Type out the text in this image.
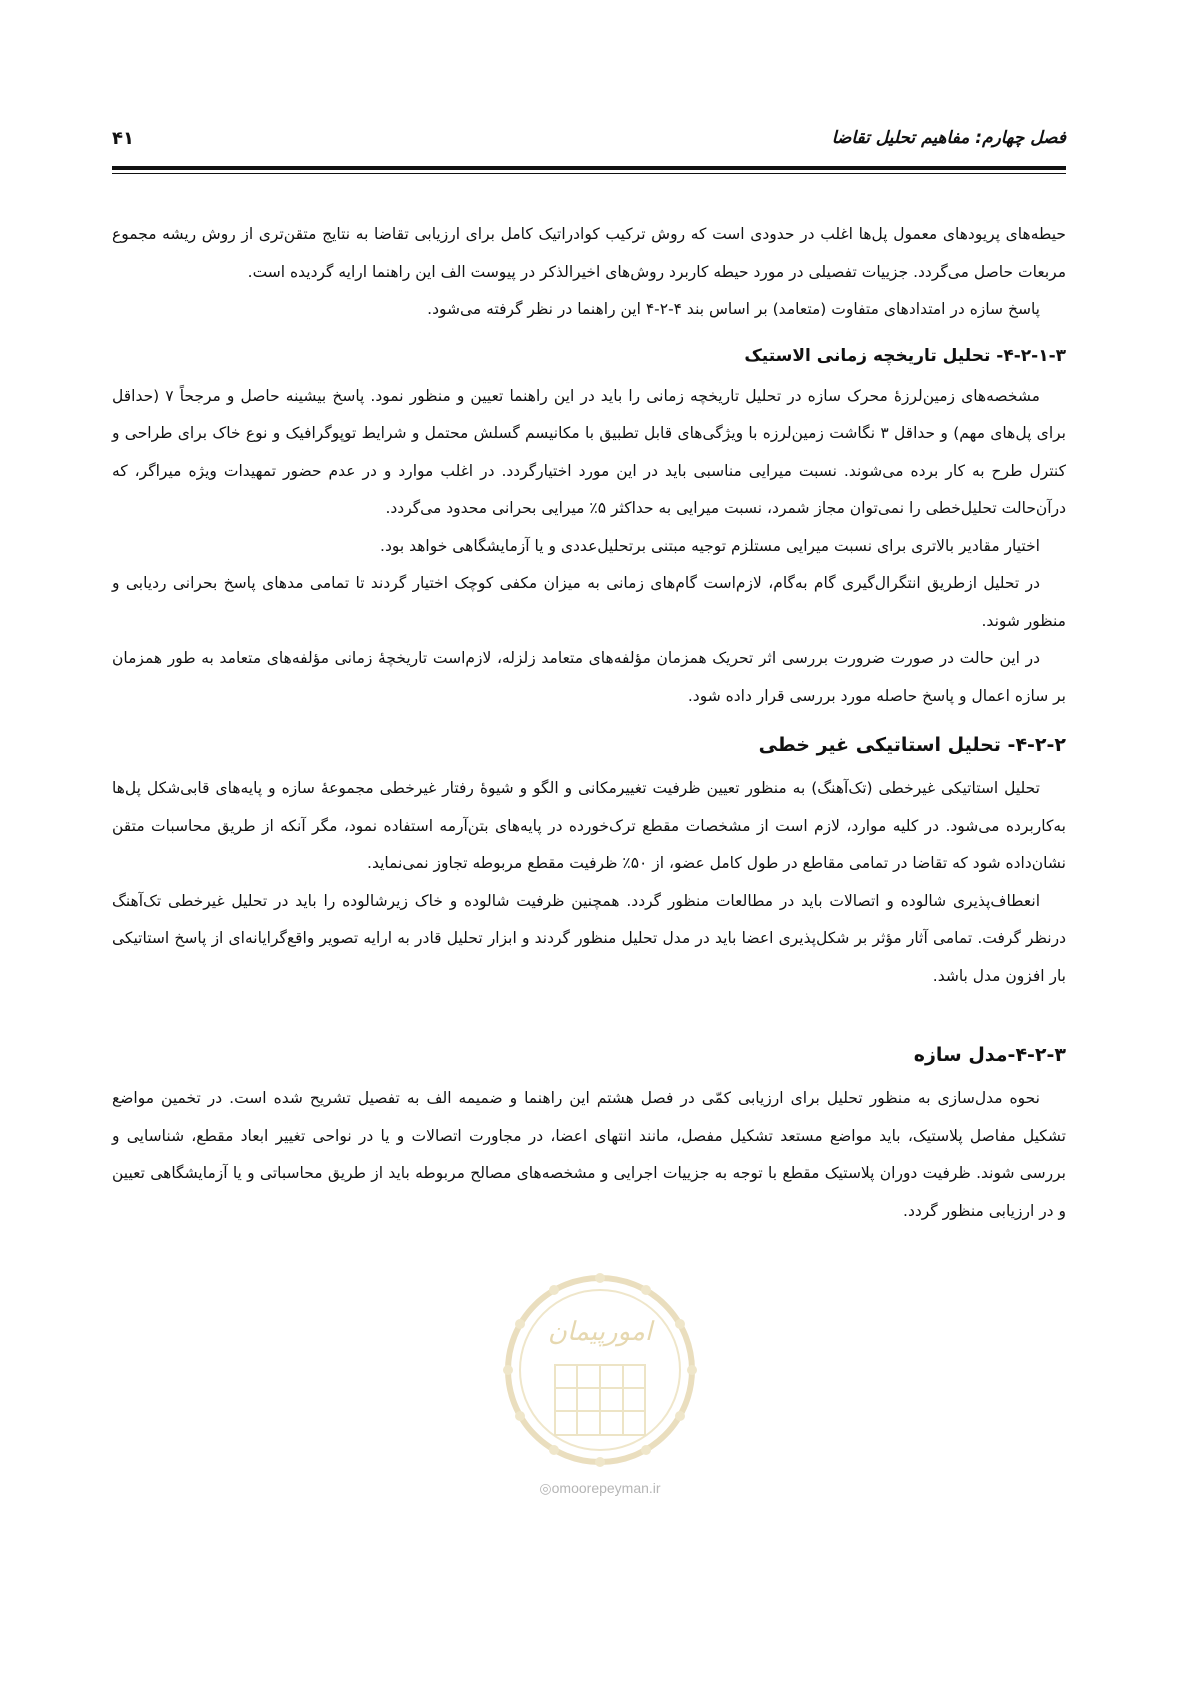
فصل چهارم: مفاهیم تحلیل تقاضا
۴۱

حیطه‌های پریودهای معمول پل‌ها اغلب در حدودی است که روش ترکیب کوادراتیک کامل برای ارزیابی تقاضا به نتایج متقن‌تری از روش ریشه مجموع مربعات حاصل می‌گردد. جزییات تفصیلی در مورد حیطه کاربرد روش‌های اخیرالذکر در پیوست الف این راهنما ارایه گردیده است.

پاسخ سازه در امتدادهای متفاوت (متعامد) بر اساس بند ۴-۲-۴ این راهنما در نظر گرفته می‌شود.

۴-۲-۱-۳- تحلیل تاریخچه زمانی الاستیک

مشخصه‌های زمین‌لرزهٔ محرک سازه در تحلیل تاریخچه زمانی را باید در این راهنما تعیین و منظور نمود. پاسخ بیشینه حاصل و مرجحاً ۷ (حداقل برای پل‌های مهم) و حداقل ۳ نگاشت زمین‌لرزه با ویژگی‌های قابل تطبیق با مکانیسم گسلش محتمل و شرایط توپوگرافیک و نوع خاک برای طراحی و کنترل طرح به کار برده می‌شوند. نسبت میرایی مناسبی باید در این مورد اختیارگردد. در اغلب موارد و در عدم حضور تمهیدات ویژه میراگر، که درآن‌حالت تحلیل‌خطی را نمی‌توان مجاز شمرد، نسبت میرایی به حداکثر ۵٪ میرایی بحرانی محدود می‌گردد.

اختیار مقادیر بالاتری برای نسبت میرایی مستلزم توجیه مبتنی برتحلیل‌عددی و یا آزمایشگاهی خواهد بود.

در تحلیل ازطریق انتگرال‌گیری گام به‌گام، لازم‌است گام‌های زمانی به میزان مکفی کوچک اختیار گردند تا تمامی مدهای پاسخ بحرانی ردیابی و منظور شوند.

در این حالت در صورت ضرورت بررسی اثر تحریک همزمان مؤلفه‌های متعامد زلزله، لازم‌است تاریخچهٔ زمانی مؤلفه‌های متعامد به طور همزمان بر سازه اعمال و پاسخ حاصله مورد بررسی قرار داده شود.

۴-۲-۲- تحلیل استاتیکی غیر خطی

تحلیل استاتیکی غیرخطی (تک‌آهنگ) به منظور تعیین ظرفیت تغییرمکانی و الگو و شیوهٔ رفتار غیرخطی مجموعهٔ سازه و پایه‌های قابی‌شکل پل‌ها به‌کاربرده می‌شود. در کلیه موارد، لازم است از مشخصات مقطع ترک‌خورده در پایه‌های بتن‌آرمه استفاده نمود، مگر آنکه از طریق محاسبات متقن نشان‌داده شود که تقاضا در تمامی مقاطع در طول کامل عضو، از ۵۰٪ ظرفیت مقطع مربوطه تجاوز نمی‌نماید.

انعطاف‌پذیری شالوده و اتصالات باید در مطالعات منظور گردد. همچنین ظرفیت شالوده و خاک زیرشالوده را باید در تحلیل غیرخطی تک‌آهنگ درنظر گرفت. تمامی آثار مؤثر بر شکل‌پذیری اعضا باید در مدل تحلیل منظور گردند و ابزار تحلیل قادر به ارایه تصویر واقع‌گرایانه‌ای از پاسخ استاتیکی بار افزون مدل باشد.

۴-۲-۳-مدل سازه

نحوه مدل‌سازی به منظور تحلیل برای ارزیابی کمّی در فصل هشتم این راهنما و ضمیمه الف به تفصیل تشریح شده است. در تخمین مواضع تشکیل مفاصل پلاستیک، باید مواضع مستعد تشکیل مفصل، مانند انتهای اعضا، در مجاورت اتصالات و یا در نواحی تغییر ابعاد مقطع، شناسایی و بررسی شوند. ظرفیت دوران پلاستیک مقطع با توجه به جزییات اجرایی و مشخصه‌های مصالح مربوطه باید از طریق محاسباتی و یا آزمایشگاهی تعیین و در ارزیابی منظور گردد.

امورپیمان
◎omoorepeyman.ir
